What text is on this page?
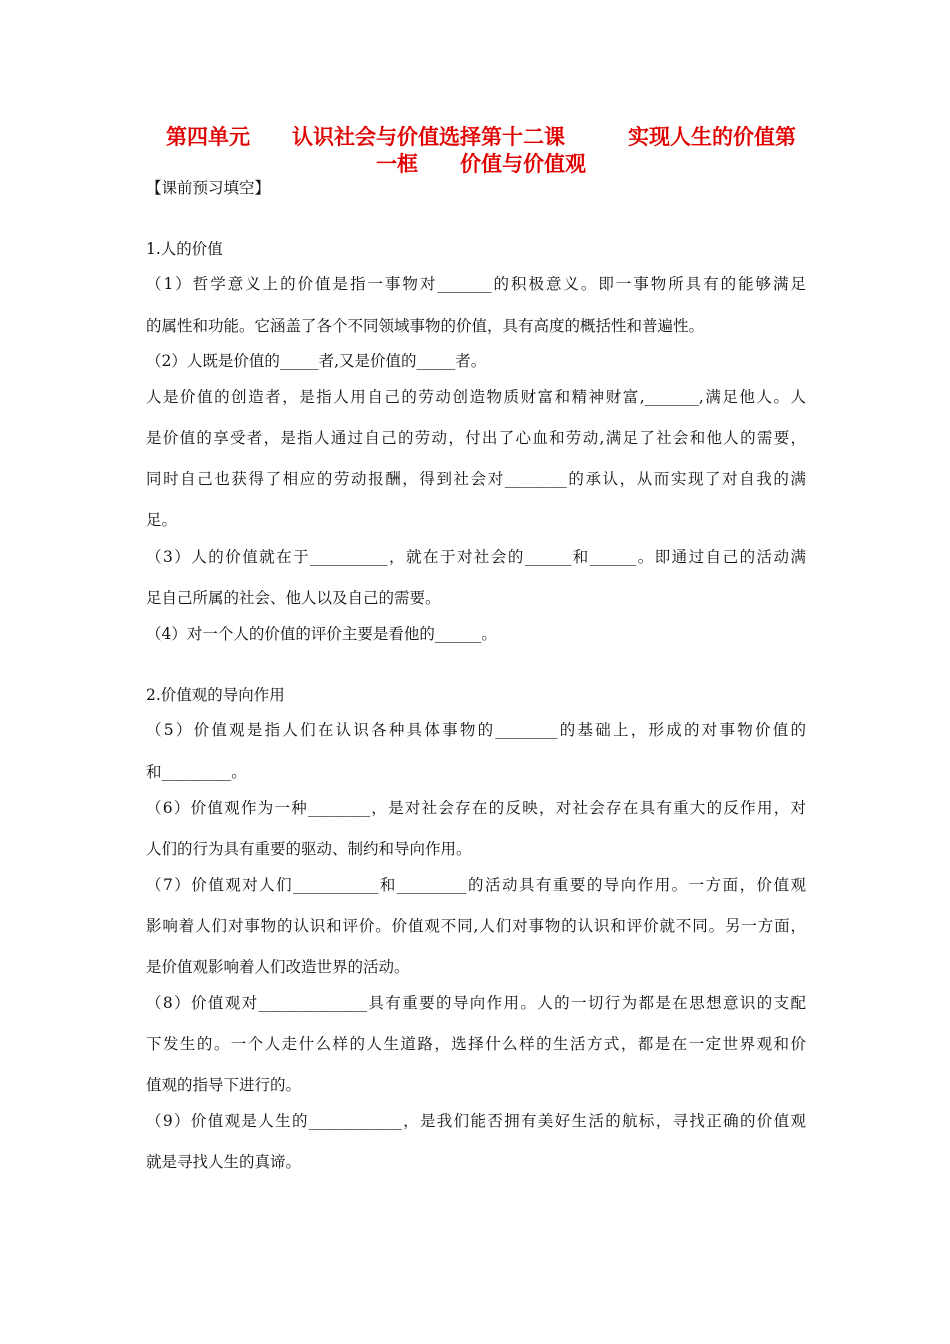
第四单元　　认识社会与价值选择第十二课　　　实现人生的价值第
一框　　价值与价值观
【课前预习填空】
1.人的价值
（1）哲学意义上的价值是指一事物对_______的积极意义。即一事物所具有的能够满足
的属性和功能。它涵盖了各个不同领域事物的价值，具有高度的概括性和普遍性。
（2）人既是价值的_____者,又是价值的_____者。
人是价值的创造者，是指人用自己的劳动创造物质财富和精神财富,_______,满足他人。人
是价值的享受者，是指人通过自己的劳动，付出了心血和劳动,满足了社会和他人的需要，
同时自己也获得了相应的劳动报酬，得到社会对________的承认，从而实现了对自我的满
足。
（3）人的价值就在于__________，就在于对社会的______和______。即通过自己的活动满
足自己所属的社会、他人以及自己的需要。
（4）对一个人的价值的评价主要是看他的______。
2.价值观的导向作用
（5）价值观是指人们在认识各种具体事物的________的基础上，形成的对事物价值的
和_________。
（6）价值观作为一种________，是对社会存在的反映，对社会存在具有重大的反作用，对
人们的行为具有重要的驱动、制约和导向作用。
（7）价值观对人们___________和_________的活动具有重要的导向作用。一方面，价值观
影响着人们对事物的认识和评价。价值观不同,人们对事物的认识和评价就不同。另一方面，
是价值观影响着人们改造世界的活动。
（8）价值观对______________具有重要的导向作用。人的一切行为都是在思想意识的支配
下发生的。一个人走什么样的人生道路，选择什么样的生活方式，都是在一定世界观和价
值观的指导下进行的。
（9）价值观是人生的____________，是我们能否拥有美好生活的航标，寻找正确的价值观
就是寻找人生的真谛。
